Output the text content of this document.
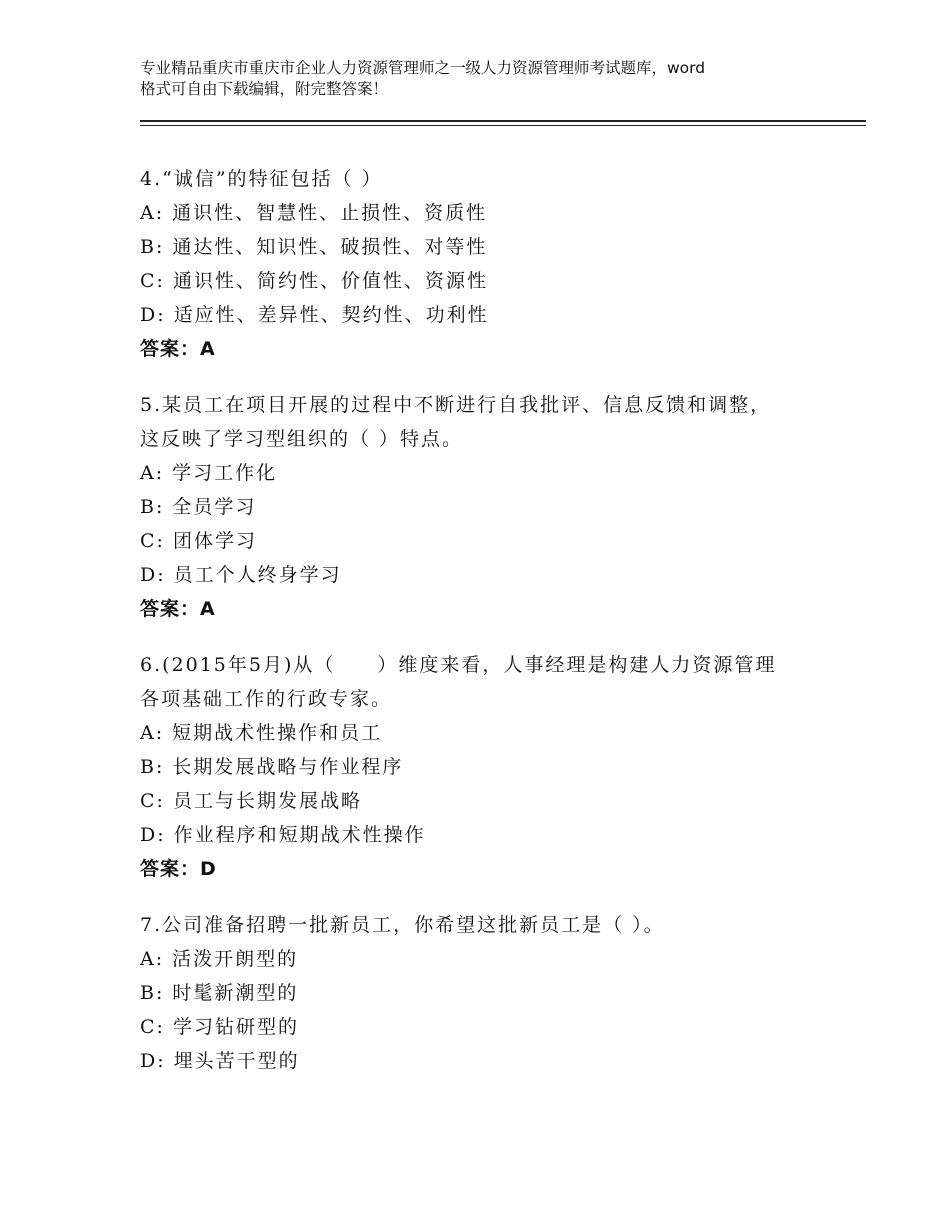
专业精品重庆市重庆市企业人力资源管理师之一级人力资源管理师考试题库，word
格式可自由下载编辑，附完整答案！
4.“诚信”的特征包括（ ）
A: 通识性、智慧性、止损性、资质性
B: 通达性、知识性、破损性、对等性
C: 通识性、简约性、价值性、资源性
D: 适应性、差异性、契约性、功利性
答案：A
5.某员工在项目开展的过程中不断进行自我批评、信息反馈和调整，
这反映了学习型组织的（ ）特点。
A: 学习工作化
B: 全员学习
C: 团体学习
D: 员工个人终身学习
答案：A
6.(2015年5月)从（　　）维度来看，人事经理是构建人力资源管理
各项基础工作的行政专家。
A: 短期战术性操作和员工
B: 长期发展战略与作业程序
C: 员工与长期发展战略
D: 作业程序和短期战术性操作
答案：D
7.公司准备招聘一批新员工，你希望这批新员工是（ ）。
A: 活泼开朗型的
B: 时髦新潮型的
C: 学习钻研型的
D: 埋头苦干型的
